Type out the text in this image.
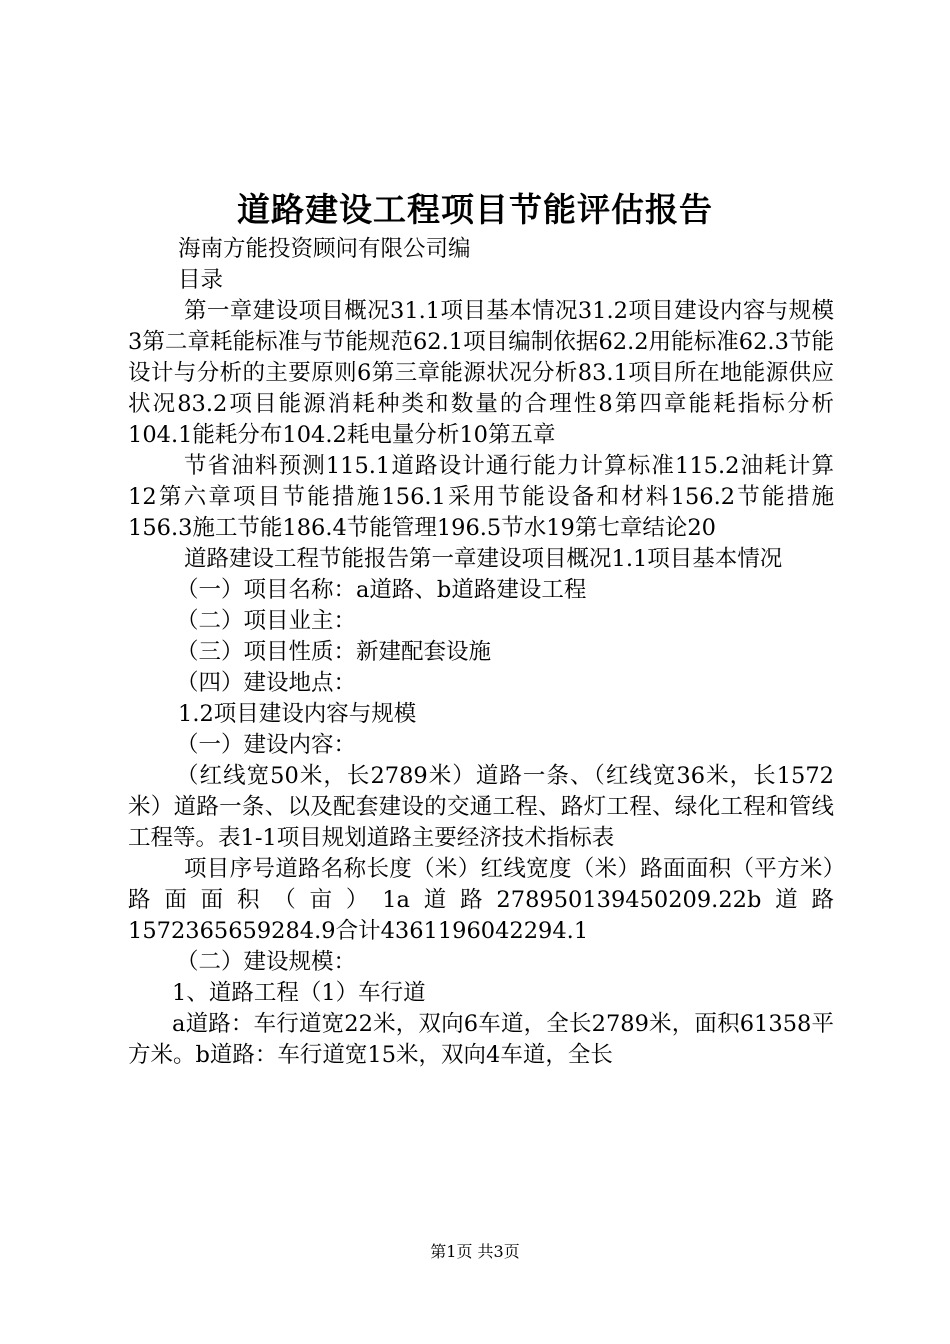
道路建设工程项目节能评估报告

海南方能投资顾问有限公司编

目录

第一章建设项目概况31.1项目基本情况31.2项目建设内容与规模3第二章耗能标准与节能规范62.1项目编制依据62.2用能标准62.3节能设计与分析的主要原则6第三章能源状况分析83.1项目所在地能源供应状况83.2项目能源消耗种类和数量的合理性8第四章能耗指标分析104.1能耗分布104.2耗电量分析10第五章

节省油料预测115.1道路设计通行能力计算标准115.2油耗计算12第六章项目节能措施156.1采用节能设备和材料156.2节能措施156.3施工节能186.4节能管理196.5节水19第七章结论20

道路建设工程节能报告第一章建设项目概况1.1项目基本情况

（一）项目名称：a道路、b道路建设工程

（二）项目业主：

（三）项目性质：新建配套设施

（四）建设地点：

1.2项目建设内容与规模

（一）建设内容：

（红线宽50米，长2789米）道路一条、（红线宽36米，长1572米）道路一条、以及配套建设的交通工程、路灯工程、绿化工程和管线工程等。表1-1项目规划道路主要经济技术指标表

项目序号道路名称长度（米）红线宽度（米）路面面积（平方米）路面面积（亩）1a道路278950139450209.22b道路1572365659284.9合计4361196042294.1

（二）建设规模：

1、道路工程（1）车行道

a道路：车行道宽22米，双向6车道，全长2789米，面积61358平方米。b道路：车行道宽15米，双向4车道，全长

第1页 共3页
